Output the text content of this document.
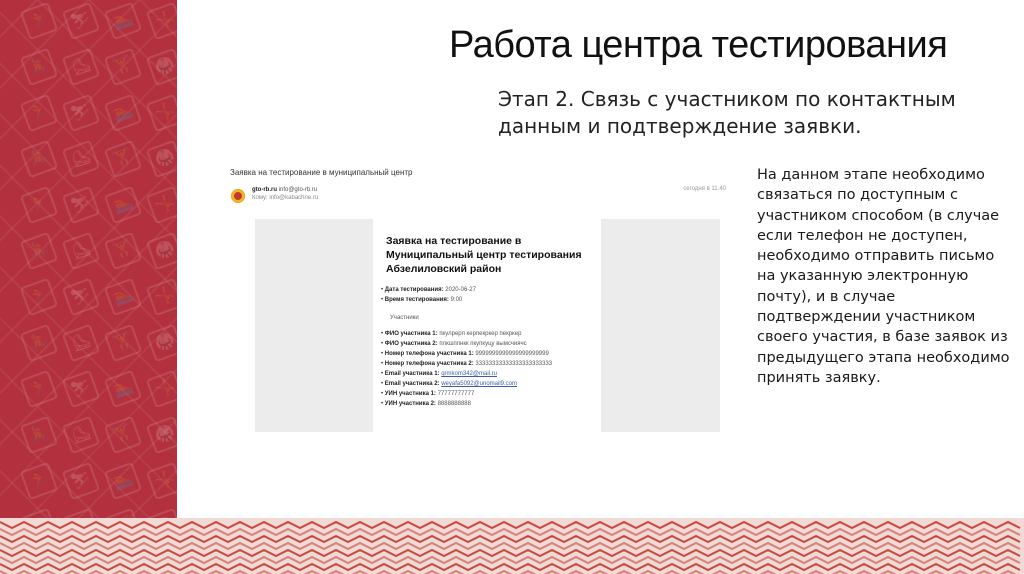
🏃	⛷	🏊	🤸
🚴	⛸	🏋	🥋
🏃	⛷	🏊	🤸
🚴	⛸	🏋	🥋
🏃	⛷	🏊	🤸
🚴	⛸	🏋	🥋
🏃	⛷	🏊	🤸
🚴	⛸	🏋	🥋
🏃	⛷	🏊	🤸
🚴	⛸	🏋	🥋
🏃	⛷	🏊	🤸
Работа центра тестирования
Этап 2. Связь с участником по контактным данным и подтверждение заявки.
Заявка на тестирование в муниципальный центр
gto-rb.ru info@gto-rb.ru
Кому: info@kabachne.ru
сегодня в 11:40
Заявка на тестирование в Муниципальный центр тестирования Абзелиловский район
• Дата тестирования: 2020-06-27
• Время тестирования: 9:00
Участники
• ФИО участника 1: пкулрерп керпекркер пекркер
• ФИО участника 2: плкшппнкк пкупкуцу вымсчиячс
• Номер телефона участника 1: 9999999999999999999999
• Номер телефона участника 2: 33333333333333333333333
• Email участника 1: qrmkom342@mail.ru
• Email участника 2: weyafa5092@unomail9.com
• УИН участника 1: 77777777777
• УИН участника 2: 8888888888
На данном этапе необходимо связаться по доступным с участником способом (в случае если телефон не доступен, необходимо отправить письмо на указанную электронную почту), и в случае подтверждении участником своего участия, в базе заявок из предыдущего этапа необходимо принять заявку.
